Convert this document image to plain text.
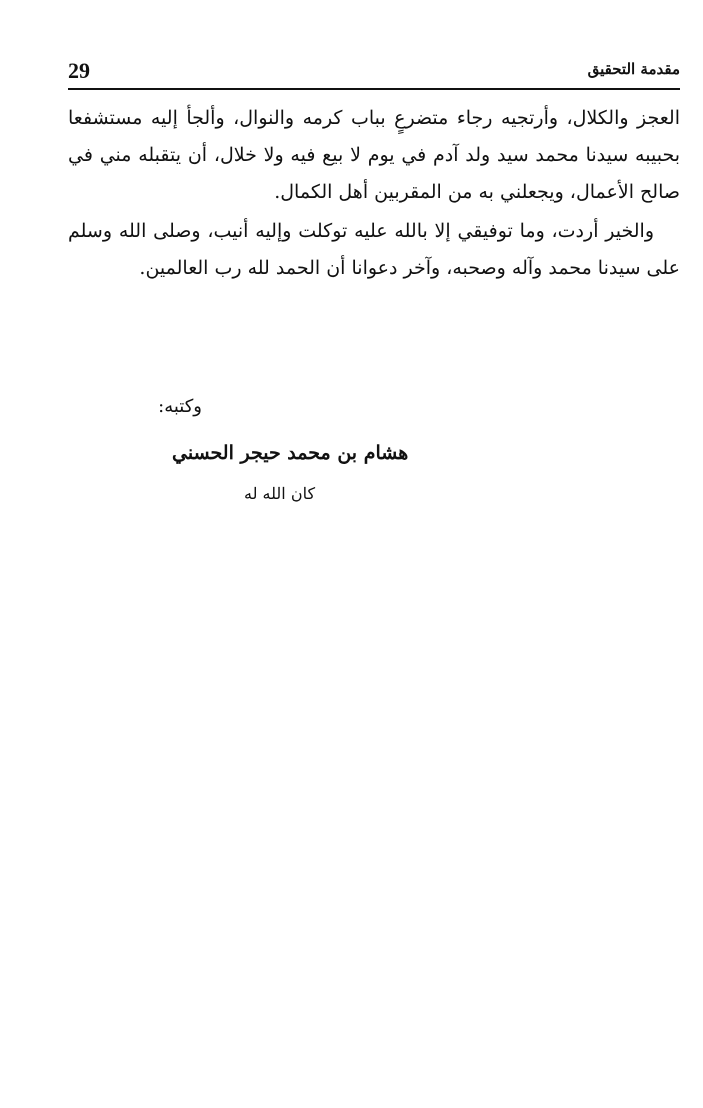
29	مقدمة التحقيق

العجز والكلال، وأرتجيه رجاء متضرعٍ بباب كرمه والنوال، وألجأ إليه مستشفعا بحبيبه سيدنا محمد سيد ولد آدم في يوم لا بيع فيه ولا خلال، أن يتقبله مني في صالح الأعمال، ويجعلني به من المقربين أهل الكمال.

والخير أردت، وما توفيقي إلا بالله عليه توكلت وإليه أنيب، وصلى الله وسلم على سيدنا محمد وآله وصحبه، وآخر دعوانا أن الحمد لله رب العالمين.

وكتبه:
هشام بن محمد حيجر الحسني
كان الله له
